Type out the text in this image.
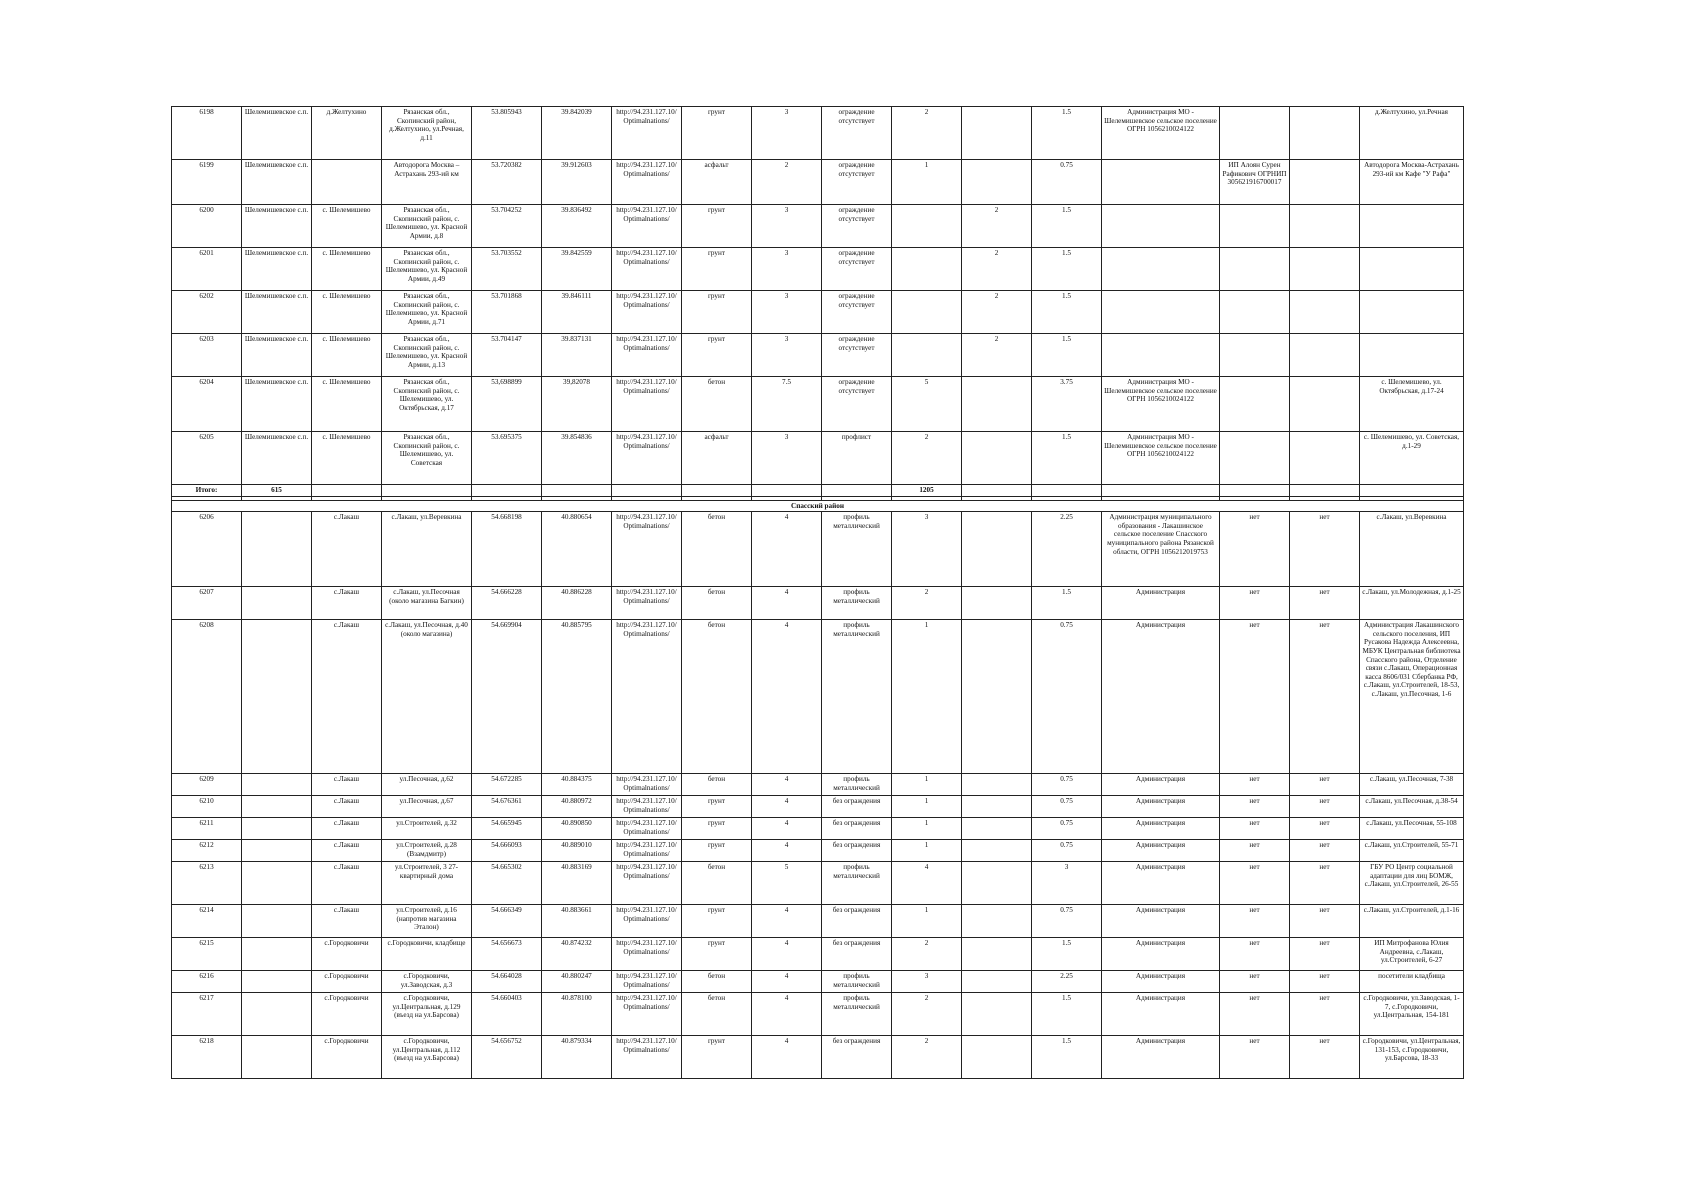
6198	Шелемишевское с.п.	д.Желтухино	Рязанская обл., Скопинский район, д.Желтухино, ул.Речная, д.11	53.805943	39.842039	http://94.231.127.10/Optimalnations/	грунт	3	ограждение отсутствует	2		1.5	Администрация МО - Шелемишевское сельское поселение ОГРН 1056210024122			д.Желтухино, ул.Речная
6199	Шелемишевское с.п.		Автодорога Москва –Астрахань 293-ий км	53.720382	39.912603	http://94.231.127.10/Optimalnations/	асфальт	2	ограждение отсутствует	1		0.75		ИП Алоян Сурен Рафикович ОГРНИП 305621916700017		Автодорога Москва-Астрахань 293-ий км Кафе "У Рафа"
6200	Шелемишевское с.п.	с. Шелемишево	Рязанская обл., Скопинский район, с. Шелемишево, ул. Красной Армии, д.8	53.704252	39.836492	http://94.231.127.10/Optimalnations/	грунт	3	ограждение отсутствует		2	1.5				
6201	Шелемишевское с.п.	с. Шелемишево	Рязанская обл., Скопинский район, с. Шелемишево, ул. Красной Армии, д.49	53.703552	39.842559	http://94.231.127.10/Optimalnations/	грунт	3	ограждение отсутствует		2	1.5				
6202	Шелемишевское с.п.	с. Шелемишево	Рязанская обл., Скопинский район, с. Шелемишево, ул. Красной Армии, д.71	53.701868	39.846111	http://94.231.127.10/Optimalnations/	грунт	3	ограждение отсутствует		2	1.5				
6203	Шелемишевское с.п.	с. Шелемишево	Рязанская обл., Скопинский район, с. Шелемишево, ул. Красной Армии, д.13	53.704147	39.837131	http://94.231.127.10/Optimalnations/	грунт	3	ограждение отсутствует		2	1.5				
6204	Шелемишевское с.п.	с. Шелемишево	Рязанская обл., Скопинский район, с. Шелемишево, ул. Октябрьская, д.17	53,698899	39,82078	http://94.231.127.10/Optimalnations/	бетон	7.5	ограждение отсутствует	5		3.75	Администрация МО - Шелемишевское сельское поселение ОГРН 1056210024122			с. Шелемишево, ул. Октябрьская, д.17-24
6205	Шелемишевское с.п.	с. Шелемишево	Рязанская обл., Скопинский район, с. Шелемишево, ул. Советская	53.695375	39.854836	http://94.231.127.10/Optimalnations/	асфальт	3	профлист	2		1.5	Администрация МО - Шелемишевское сельское поселение ОГРН 1056210024122			с. Шелемишево, ул. Советская, д.1-29
Итого:	615									1205						

Спасский район																
6206		с.Лакаш	с.Лакаш, ул.Веревкина	54.668198	40.880654	http://94.231.127.10/Optimalnations/	бетон	4	профиль металлический	3		2.25	Администрация муниципального образования - Лакашинское сельское поселение Спасского муниципального района Рязанской области, ОГРН 1056212019753	нет	нет	с.Лакаш, ул.Веревкина
6207		с.Лакаш	с.Лакаш, ул.Песочная (около магазина Багкин)	54.666228	40.886228	http://94.231.127.10/Optimalnations/	бетон	4	профиль металлический	2		1.5	Администрация	нет	нет	с.Лакаш, ул.Молодежная, д.1-25
6208		с.Лакаш	с.Лакаш, ул.Песочная, д.40 (около магазина)	54.669904	40.885795	http://94.231.127.10/Optimalnations/	бетон	4	профиль металлический	1		0.75	Администрация	нет	нет	Администрация Лакашинского сельского поселения, ИП Русакова Надежда Алексеевна, МБУК Центральная библиотека Спасского района, Отделение связи с.Лакаш, Операционная касса 8606/031 Сбербанка РФ, с.Лакаш, ул.Строителей, 18-53, с.Лакаш, ул.Песочная, 1-6
6209		с.Лакаш	ул.Песочная, д.62	54.672285	40.884375	http://94.231.127.10/Optimalnations/	бетон	4	профиль металлический	1		0.75	Администрация	нет	нет	с.Лакаш, ул.Песочная, 7-38
6210		с.Лакаш	ул.Песочная, д.67	54.676361	40.880972	http://94.231.127.10/Optimalnations/	грунт	4	без ограждения	1		0.75	Администрация	нет	нет	с.Лакаш, ул.Песочная, д.38-54
6211		с.Лакаш	ул.Строителей, д.32	54.665945	40.890850	http://94.231.127.10/Optimalnations/	грунт	4	без ограждения	1		0.75	Администрация	нет	нет	с.Лакаш, ул.Песочная, 55-108
6212		с.Лакаш	ул.Строителей, д.28 (Взамдмитр)	54.666093	40.889010	http://94.231.127.10/Optimalnations/	грунт	4	без ограждения	1		0.75	Администрация	нет	нет	с.Лакаш, ул.Строителей, 55-71
6213		с.Лакаш	ул.Строителей, 3 27-квартирный дома	54.665302	40.883169	http://94.231.127.10/Optimalnations/	бетон	5	профиль металлический	4		3	Администрация	нет	нет	ГБУ РО Центр социальной адаптации для лиц БОМЖ, с.Лакаш, ул.Строителей, 26-55
6214		с.Лакаш	ул.Строителей, д.16 (напротив магазина Эталон)	54.666349	40.883661	http://94.231.127.10/Optimalnations/	грунт	4	без ограждения	1		0.75	Администрация	нет	нет	с.Лакаш, ул.Строителей, д.1-16
6215		с.Городковичи	с.Городковичи, кладбище	54.656673	40.874232	http://94.231.127.10/Optimalnations/	грунт	4	без ограждения	2		1.5	Администрация	нет	нет	ИП Митрофанова Юлия Андреевна, с.Лакаш, ул.Строителей, 6-27
6216		с.Городковичи	с.Городковичи, ул.Заводская, д.3	54.664028	40.880247	http://94.231.127.10/Optimalnations/	бетон	4	профиль металлический	3		2.25	Администрация	нет	нет	посетители кладбища
6217		с.Городковичи	с.Городковичи, ул.Центральная, д.129 (въезд на ул.Барсова)	54.660403	40.878100	http://94.231.127.10/Optimalnations/	бетон	4	профиль металлический	2		1.5	Администрация	нет	нет	с.Городковичи, ул.Заводская, 1-7, с.Городковичи, ул.Центральная, 154-181
6218		с.Городковичи	с.Городковичи, ул.Центральная, д.112 (въезд на ул.Барсова)	54.656752	40.879334	http://94.231.127.10/Optimalnations/	грунт	4	без ограждения	2		1.5	Администрация	нет	нет	с.Городковичи, ул.Центральная, 131-153, с.Городковичи, ул.Барсова, 18-33
